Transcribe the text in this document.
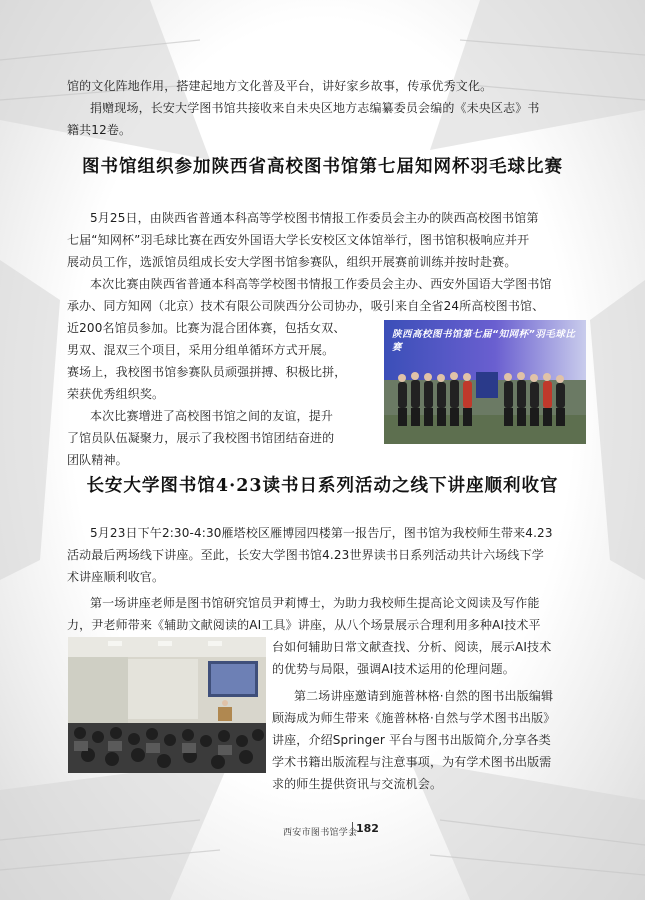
馆的文化阵地作用，搭建起地方文化普及平台，讲好家乡故事，传承优秀文化。

捐赠现场，长安大学图书馆共接收来自未央区地方志编纂委员会编的《未央区志》书

籍共12卷。

图书馆组织参加陕西省高校图书馆第七届知网杯羽毛球比赛

5月25日，由陕西省普通本科高等学校图书情报工作委员会主办的陕西高校图书馆第

七届“知网杯”羽毛球比赛在西安外国语大学长安校区文体馆举行，图书馆积极响应并开

展动员工作，选派馆员组成长安大学图书馆参赛队，组织开展赛前训练并按时赴赛。

本次比赛由陕西省普通本科高等学校图书情报工作委员会主办、西安外国语大学图书馆

承办、同方知网（北京）技术有限公司陕西分公司协办，吸引来自全省24所高校图书馆、

近200名馆员参加。比赛为混合团体赛，包括女双、

男双、混双三个项目，采用分组单循环方式开展。

赛场上，我校图书馆参赛队员顽强拼搏、积极比拼，

荣获优秀组织奖。

本次比赛增进了高校图书馆之间的友谊，提升

了馆员队伍凝聚力，展示了我校图书馆团结奋进的

团队精神。

陕西高校图书馆第七届“知网杯”羽毛球比赛
长安大学图书馆4·23读书日系列活动之线下讲座顺利收官

5月23日下午2:30-4:30雁塔校区雁博园四楼第一报告厅，图书馆为我校师生带来4.23

活动最后两场线下讲座。至此，长安大学图书馆4.23世界读书日系列活动共计六场线下学

术讲座顺利收官。

第一场讲座老师是图书馆研究馆员尹莉博士，为助力我校师生提高论文阅读及写作能

力，尹老师带来《辅助文献阅读的AI工具》讲座，从八个场景展示合理利用多种AI技术平

台如何辅助日常文献查找、分析、阅读，展示AI技术

的优势与局限，强调AI技术运用的伦理问题。

第二场讲座邀请到施普林格·自然的图书出版编辑

顾海成为师生带来《施普林格·自然与学术图书出版》

讲座，介绍Springer 平台与图书出版简介,分享各类

学术书籍出版流程与注意事项，为有学术图书出版需

求的师生提供资讯与交流机会。

西安市图书馆学会
182
